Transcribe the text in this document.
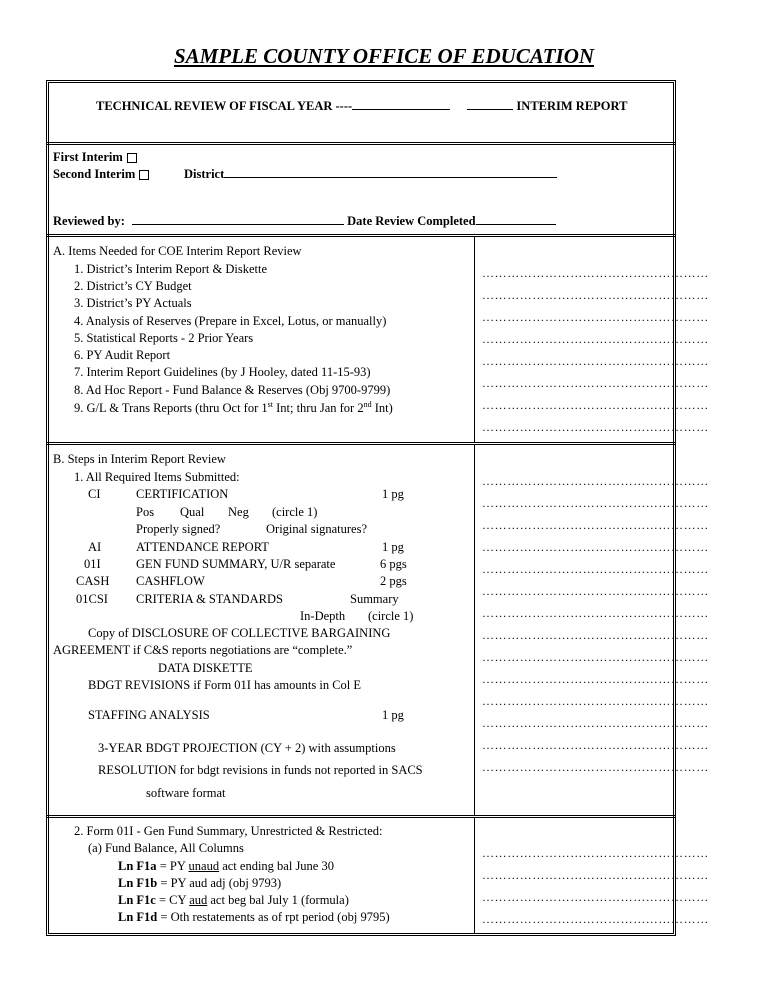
SAMPLE COUNTY OFFICE OF EDUCATION
TECHNICAL REVIEW OF FISCAL YEAR ----	INTERIM REPORT
First Interim
Second Interim	District
Reviewed by:	Date Review Completed
A. Items Needed for COE Interim Report Review
1. District’s Interim Report & Diskette
2. District’s CY Budget
3. District’s PY Actuals
4. Analysis of Reserves (Prepare in Excel, Lotus, or manually)
5. Statistical Reports - 2 Prior Years
6. PY Audit Report
7. Interim Report Guidelines (by J Hooley, dated 11-15-93)
8. Ad Hoc Report - Fund Balance & Reserves (Obj 9700-9799)
9. G/L & Trans Reports (thru Oct for 1st Int; thru Jan for 2nd Int)
………………………………………………
………………………………………………
………………………………………………
………………………………………………
………………………………………………
………………………………………………
………………………………………………
………………………………………………
B. Steps in Interim Report Review
1. All Required Items Submitted:
CI	CERTIFICATION	1 pg
Pos Qual Neg (circle 1)
Properly signed?	Original signatures?
AI	ATTENDANCE REPORT	1 pg
01I	GEN FUND SUMMARY, U/R separate	6 pgs
CASH CASHFLOW	2 pgs
01CSI CRITERIA & STANDARDS	Summary
In-Depth (circle 1)
Copy of DISCLOSURE OF COLLECTIVE BARGAINING
AGREEMENT if C&S reports negotiations are “complete.”
DATA DISKETTE
BDGT REVISIONS if Form 01I has amounts in Col E
STAFFING ANALYSIS	1 pg
3-YEAR BDGT PROJECTION (CY + 2) with assumptions
RESOLUTION for bdgt revisions in funds not reported in SACS
software format
………………………………………………
………………………………………………
………………………………………………
………………………………………………
………………………………………………
………………………………………………
………………………………………………
………………………………………………
………………………………………………
………………………………………………
………………………………………………
………………………………………………
………………………………………………
………………………………………………
2. Form 01I - Gen Fund Summary, Unrestricted & Restricted:
(a) Fund Balance, All Columns
Ln F1a = PY unaud act ending bal June 30
Ln F1b = PY aud adj (obj 9793)
Ln F1c = CY aud act beg bal July 1 (formula)
Ln F1d = Oth restatements as of rpt period (obj 9795)
………………………………………………
………………………………………………
………………………………………………
………………………………………………
